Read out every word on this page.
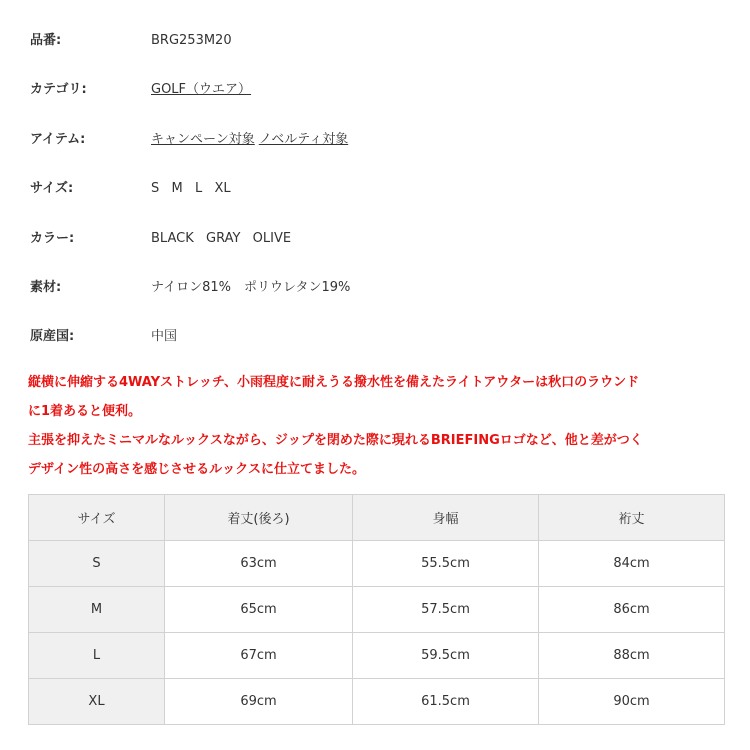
品番:	BRG253M20
カテゴリ:	GOLF（ウエア）
アイテム:	キャンペーン対象 ノベルティ対象
サイズ:	S  M  L  XL
カラー:	BLACK  GRAY  OLIVE
素材:	ナイロン81%　ポリウレタン19%
原産国:	中国

縦横に伸縮する4WAYストレッチ、小雨程度に耐えうる撥水性を備えたライトアウターは秋口のラウンド

に1着あると便利。

主張を抑えたミニマルなルックスながら、ジップを閉めた際に現れるBRIEFINGロゴなど、他と差がつく

デザイン性の高さを感じさせるルックスに仕立てました。

サイズ	着丈(後ろ)	身幅	裄丈
S	63cm	55.5cm	84cm
M	65cm	57.5cm	86cm
L	67cm	59.5cm	88cm
XL	69cm	61.5cm	90cm
